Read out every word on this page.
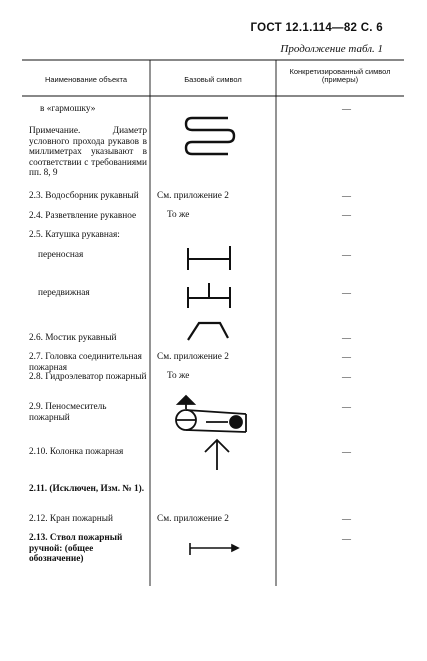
ГОСТ 12.1.114—82 С. 6
Продолжение табл. 1
Наименование объекта	Базовый символ
Конкретизированный символ (примеры)
в «гармошку»
Примечание. Диаметр условного прохода рукавов в миллиметрах указывают в соответствии с требованиями пп. 8, 9
2.3. Водосборник рукавный
2.4. Разветвление рукавное
2.5. Катушка рукавная:
переносная
передвижная
2.6. Мостик рукавный
2.7. Головка соединительная пожарная
2.8. Гидроэлеватор пожарный
2.9. Пеносмеситель пожарный
2.10. Колонка пожарная
2.11. (Исключен, Изм. № 1).
2.12. Кран пожарный
2.13. Ствол пожарный ручной: (общее обозначение)
См. приложение 2
То же
См. приложение 2
То же
См. приложение 2
—
—
—
—
—
—
—
—
—
—
—
—
